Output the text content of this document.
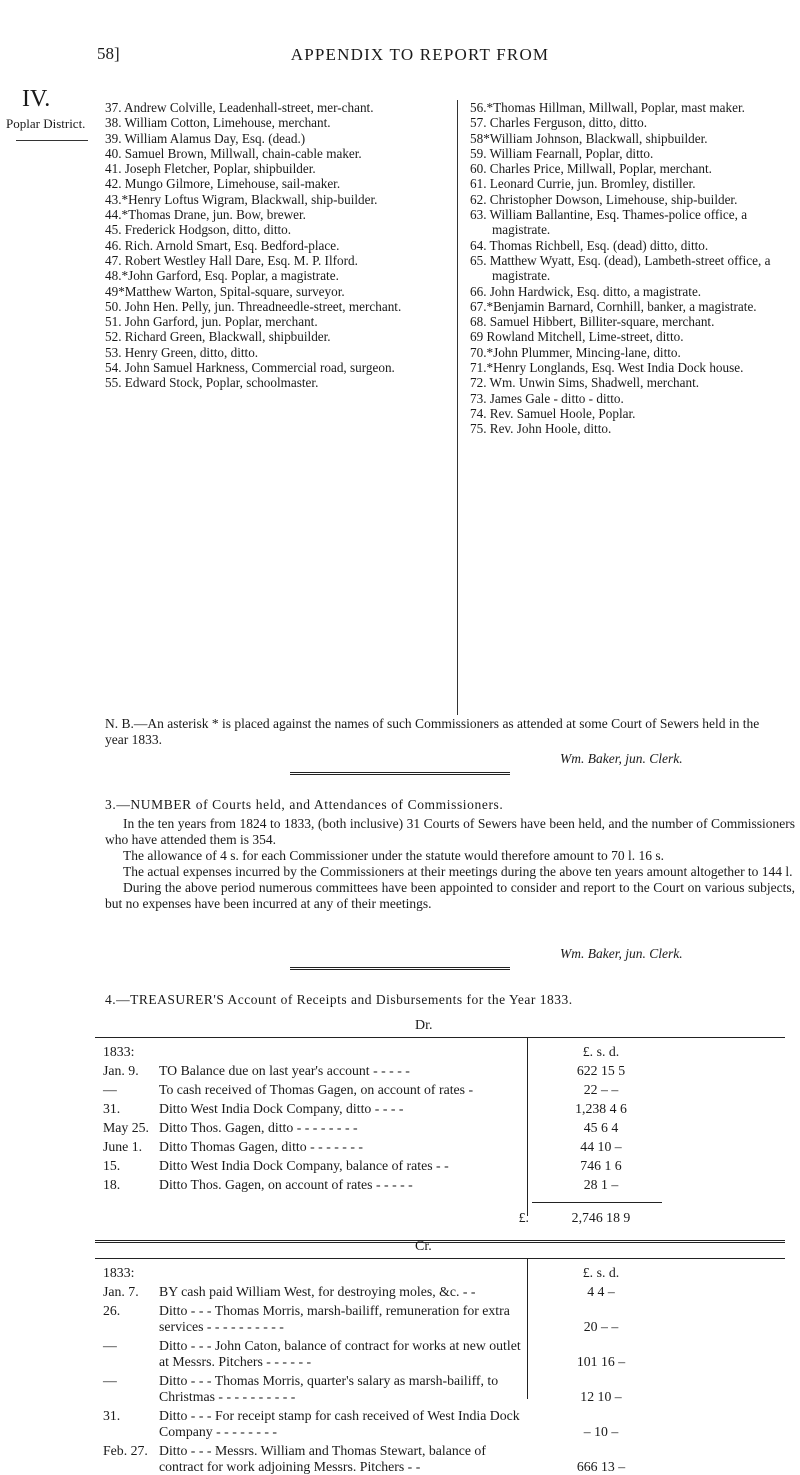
IV.
Poplar District.
58]	APPENDIX TO REPORT FROM

37. Andrew Colville, Leadenhall-street, mer-chant.

38. William Cotton, Limehouse, merchant.

39. William Alamus Day, Esq. (dead.)

40. Samuel Brown, Millwall, chain-cable maker.

41. Joseph Fletcher, Poplar, shipbuilder.

42. Mungo Gilmore, Limehouse, sail-maker.

43.*Henry Loftus Wigram, Blackwall, ship-builder.

44.*Thomas Drane, jun. Bow, brewer.

45. Frederick Hodgson, ditto, ditto.

46. Rich. Arnold Smart, Esq. Bedford-place.

47. Robert Westley Hall Dare, Esq. M. P. Ilford.

48.*John Garford, Esq. Poplar, a magistrate.

49*Matthew Warton, Spital-square, surveyor.

50. John Hen. Pelly, jun. Threadneedle-street, merchant.

51. John Garford, jun. Poplar, merchant.

52. Richard Green, Blackwall, shipbuilder.

53. Henry Green, ditto, ditto.

54. John Samuel Harkness, Commercial road, surgeon.

55. Edward Stock, Poplar, schoolmaster.

56.*Thomas Hillman, Millwall, Poplar, mast maker.

57. Charles Ferguson, ditto, ditto.

58*William Johnson, Blackwall, shipbuilder.

59. William Fearnall, Poplar, ditto.

60. Charles Price, Millwall, Poplar, merchant.

61. Leonard Currie, jun. Bromley, distiller.

62. Christopher Dowson, Limehouse, ship-builder.

63. William Ballantine, Esq. Thames-police office, a magistrate.

64. Thomas Richbell, Esq. (dead) ditto, ditto.

65. Matthew Wyatt, Esq. (dead), Lambeth-street office, a magistrate.

66. John Hardwick, Esq. ditto, a magistrate.

67.*Benjamin Barnard, Cornhill, banker, a magistrate.

68. Samuel Hibbert, Billiter-square, merchant.

69 Rowland Mitchell, Lime-street, ditto.

70.*John Plummer, Mincing-lane, ditto.

71.*Henry Longlands, Esq. West India Dock house.

72. Wm. Unwin Sims, Shadwell, merchant.

73. James Gale - ditto - ditto.

74. Rev. Samuel Hoole, Poplar.

75. Rev. John Hoole, ditto.

N. B.—An asterisk * is placed against the names of such Commissioners as attended at some Court of Sewers held in the year 1833.
Wm. Baker, jun. Clerk.
3.—NUMBER of Courts held, and Attendances of Commissioners.

In the ten years from 1824 to 1833, (both inclusive) 31 Courts of Sewers have been held, and the number of Commissioners who have attended them is 354.

The allowance of 4 s. for each Commissioner under the statute would therefore amount to 70 l. 16 s.

The actual expenses incurred by the Commissioners at their meetings during the above ten years amount altogether to 144 l.

During the above period numerous committees have been appointed to consider and report to the Court on various subjects, but no expenses have been incurred at any of their meetings.

Wm. Baker, jun. Clerk.
4.—TREASURER'S Account of Receipts and Disbursements for the Year 1833.
Dr.
£. s. d.
1833:
Jan. 9.	TO Balance due on last year's account - - - - -	622 15 5
—	To cash received of Thomas Gagen, on account of rates -	22 – –
31.	Ditto West India Dock Company, ditto - - - -	1,238 4 6
May 25. Ditto Thos. Gagen, ditto - - - - - - - -	45 6 4
June 1.	Ditto Thomas Gagen, ditto - - - - - - -	44 10 –
15.	Ditto West India Dock Company, balance of rates - -	746 1 6
18.	Ditto Thos. Gagen, on account of rates - - - - -	28 1 –
£.	2,746 18 9
Cr.
£. s. d.
1833:
Jan. 7.	BY cash paid William West, for destroying moles, &c. - -	4 4 –
26.	Ditto - - - Thomas Morris, marsh-bailiff, remuneration for extra services - - - - - - - - - -	20 – –
—	Ditto - - - John Caton, balance of contract for works at new outlet at Messrs. Pitchers - - - - - -	101 16 –
—	Ditto - - - Thomas Morris, quarter's salary as marsh-bailiff, to Christmas - - - - - - - - - -	12 10 –
31.	Ditto - - - For receipt stamp for cash received of West India Dock Company - - - - - - - -	– 10 –
Feb. 27. Ditto - - - Messrs. William and Thomas Stewart, balance of contract for work adjoining Messrs. Pitchers - -	666 13 –
